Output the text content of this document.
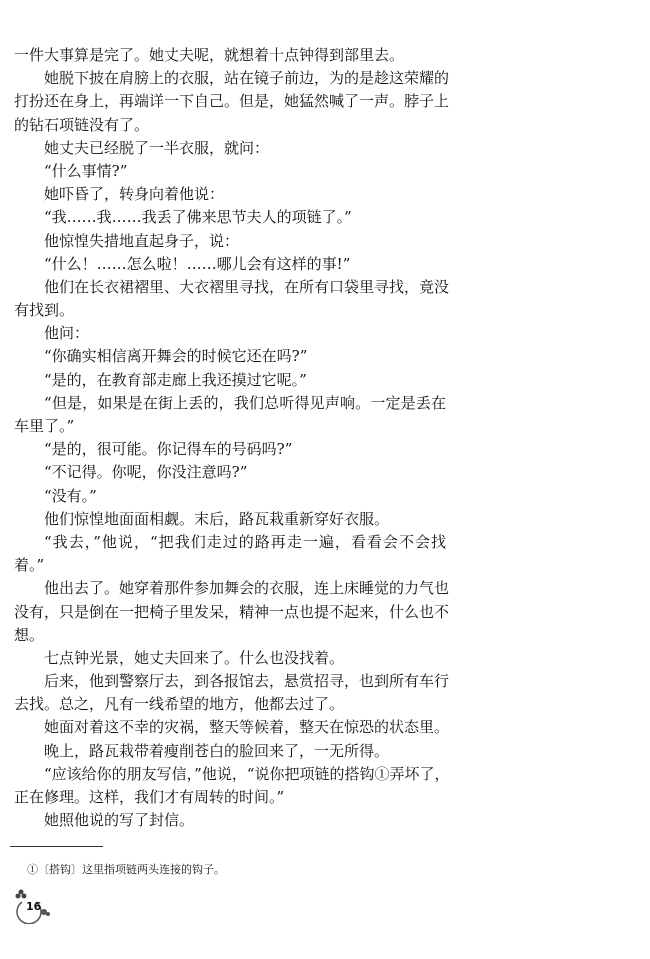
一件大事算是完了。她丈夫呢，就想着十点钟得到部里去。
她脱下披在肩膀上的衣服，站在镜子前边，为的是趁这荣耀的
打扮还在身上，再端详一下自己。但是，她猛然喊了一声。脖子上
的钻石项链没有了。
她丈夫已经脱了一半衣服，就问：
“什么事情?”
她吓昏了，转身向着他说：
“我……我……我丢了佛来思节夫人的项链了。”
他惊惶失措地直起身子，说：
“什么！……怎么啦！……哪儿会有这样的事!”
他们在长衣裙褶里、大衣褶里寻找，在所有口袋里寻找，竟没
有找到。
他问：
“你确实相信离开舞会的时候它还在吗?”
“是的，在教育部走廊上我还摸过它呢。”
“但是，如果是在街上丢的，我们总听得见声响。一定是丢在
车里了。”
“是的，很可能。你记得车的号码吗?”
“不记得。你呢，你没注意吗?”
“没有。”
他们惊惶地面面相觑。末后，路瓦栽重新穿好衣服。
“我去，”他说，“把我们走过的路再走一遍，看看会不会找
着。”
他出去了。她穿着那件参加舞会的衣服，连上床睡觉的力气也
没有，只是倒在一把椅子里发呆，精神一点也提不起来，什么也不
想。
七点钟光景，她丈夫回来了。什么也没找着。
后来，他到警察厅去，到各报馆去，悬赏招寻，也到所有车行
去找。总之，凡有一线希望的地方，他都去过了。
她面对着这不幸的灾祸，整天等候着，整天在惊恐的状态里。
晚上，路瓦栽带着瘦削苍白的脸回来了，一无所得。
“应该给你的朋友写信，”他说，“说你把项链的搭钩①弄坏了，
正在修理。这样，我们才有周转的时间。”
她照他说的写了封信。
①〔搭钩〕这里指项链两头连接的钩子。
16
